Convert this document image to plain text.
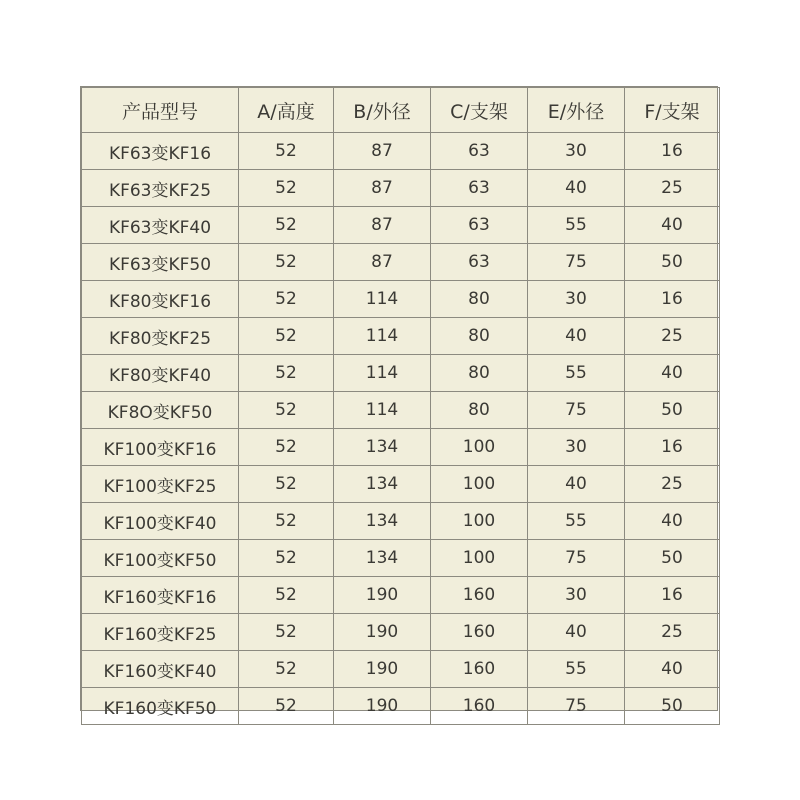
产品型号	A/高度	B/外径	C/支架	E/外径	F/支架
KF63变KF16	52	87	63	30	16
KF63变KF25	52	87	63	40	25
KF63变KF40	52	87	63	55	40
KF63变KF50	52	87	63	75	50
KF80变KF16	52	114	80	30	16
KF80变KF25	52	114	80	40	25
KF80变KF40	52	114	80	55	40
KF8O变KF50	52	114	80	75	50
KF100变KF16	52	134	100	30	16
KF100变KF25	52	134	100	40	25
KF100变KF40	52	134	100	55	40
KF100变KF50	52	134	100	75	50
KF160变KF16	52	190	160	30	16
KF160变KF25	52	190	160	40	25
KF160变KF40	52	190	160	55	40
KF160变KF50	52	190	160	75	50
